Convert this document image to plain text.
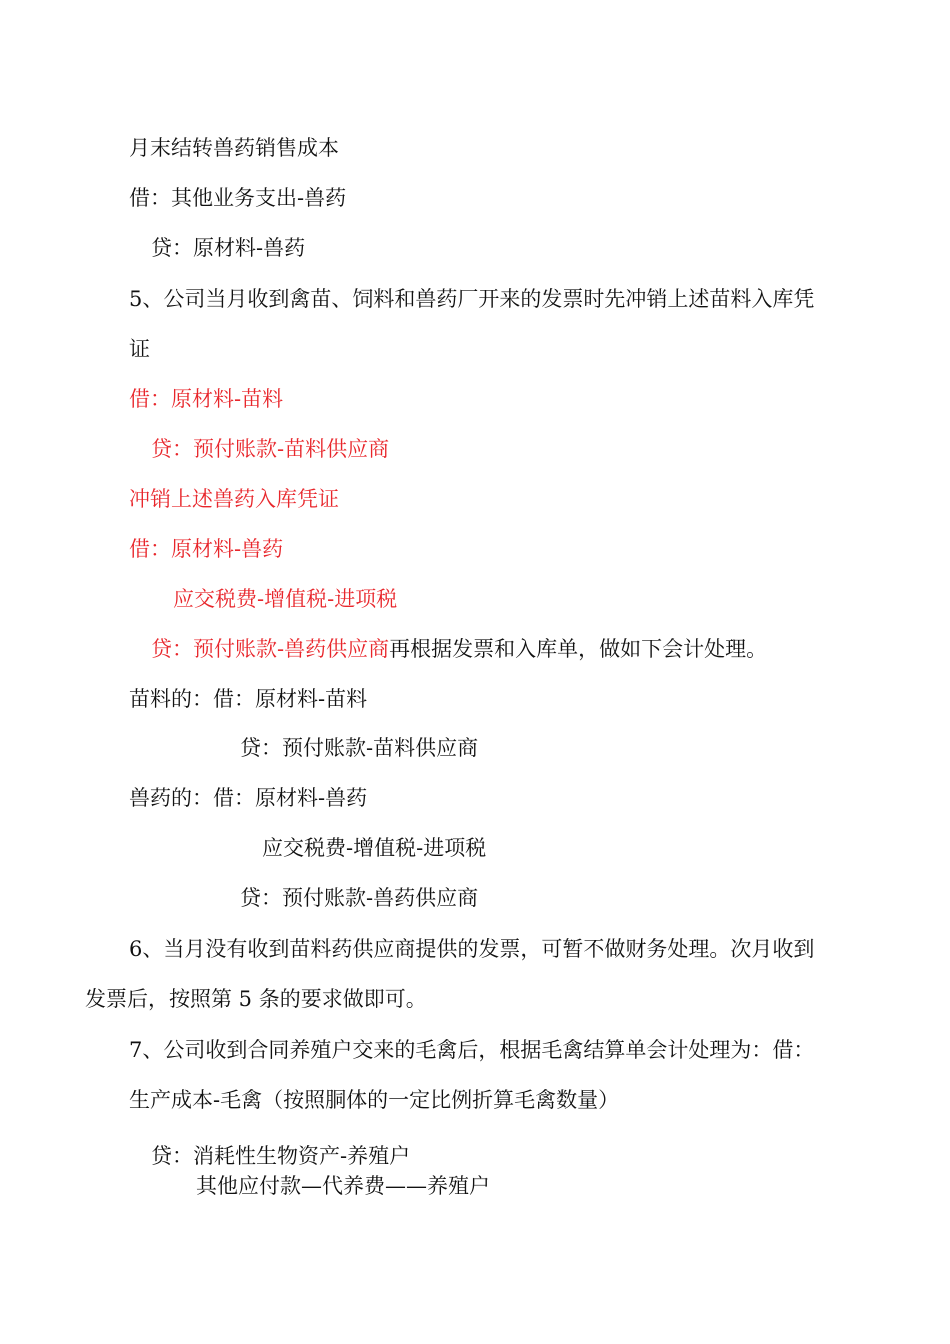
月末结转兽药销售成本

借：其他业务支出-兽药

贷：原材料-兽药

5、公司当月收到禽苗、饲料和兽药厂开来的发票时先冲销上述苗料入库凭

证

借：原材料-苗料

贷：预付账款-苗料供应商

冲销上述兽药入库凭证

借：原材料-兽药

应交税费-增值税-进项税

贷：预付账款-兽药供应商再根据发票和入库单，做如下会计处理。

苗料的：借：原材料-苗料

贷：预付账款-苗料供应商

兽药的：借：原材料-兽药

应交税费-增值税-进项税

贷：预付账款-兽药供应商

6、当月没有收到苗料药供应商提供的发票，可暂不做财务处理。次月收到

发票后，按照第 5 条的要求做即可。

7、公司收到合同养殖户交来的毛禽后，根据毛禽结算单会计处理为：借：

生产成本-毛禽（按照胴体的一定比例折算毛禽数量）

贷：消耗性生物资产-养殖户

其他应付款—代养费——养殖户
